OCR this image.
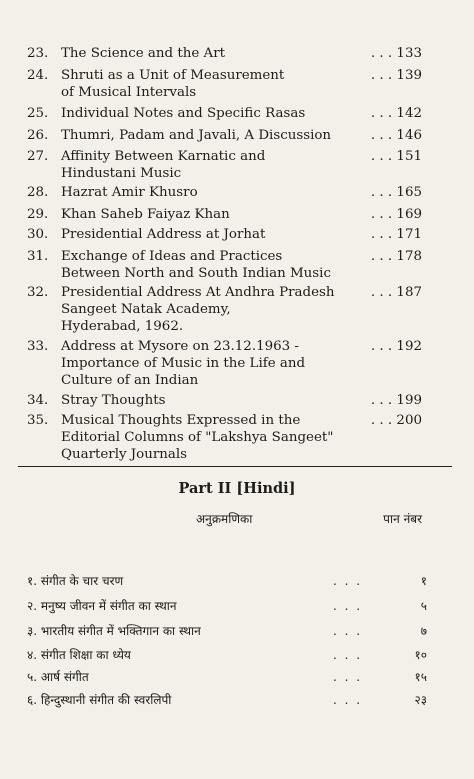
23. The Science and the Art	. . . 133
24. Shruti as a Unit of Measurement
of Musical Intervals
. . . 139
25. Individual Notes and Specific Rasas	. . . 142
26. Thumri, Padam and Javali, A Discussion	. . . 146
27. Affinity Between Karnatic and
Hindustani Music
. . . 151
28. Hazrat Amir Khusro	. . . 165
29. Khan Saheb Faiyaz Khan	. . . 169
30. Presidential Address at Jorhat	. . . 171
31. Exchange of Ideas and Practices
Between North and South Indian Music
. . . 178
32. Presidential Address At Andhra Pradesh
Sangeet Natak Academy,
Hyderabad, 1962.
. . . 187
33. Address at Mysore on 23.12.1963 -
Importance of Music in the Life and
Culture of an Indian
. . . 192
34. Stray Thoughts	. . . 199
35. Musical Thoughts Expressed in the
Editorial Columns of "Lakshya Sangeet"
Quarterly Journals
. . . 200
Part II [Hindi]
अनुक्रमणिका	पान नंबर
१. संगीत के चार चरण	. . .	१
२. मनुष्य जीवन में संगीत का स्थान	. . .	५
३. भारतीय संगीत में भक्तिगान का स्थान	. . .	७
४. संगीत शिक्षा का ध्येय	. . .	१०
५. आर्ष संगीत	. . .	१५
६. हिन्दुस्थानी संगीत की स्वरलिपी	. . .	२३
